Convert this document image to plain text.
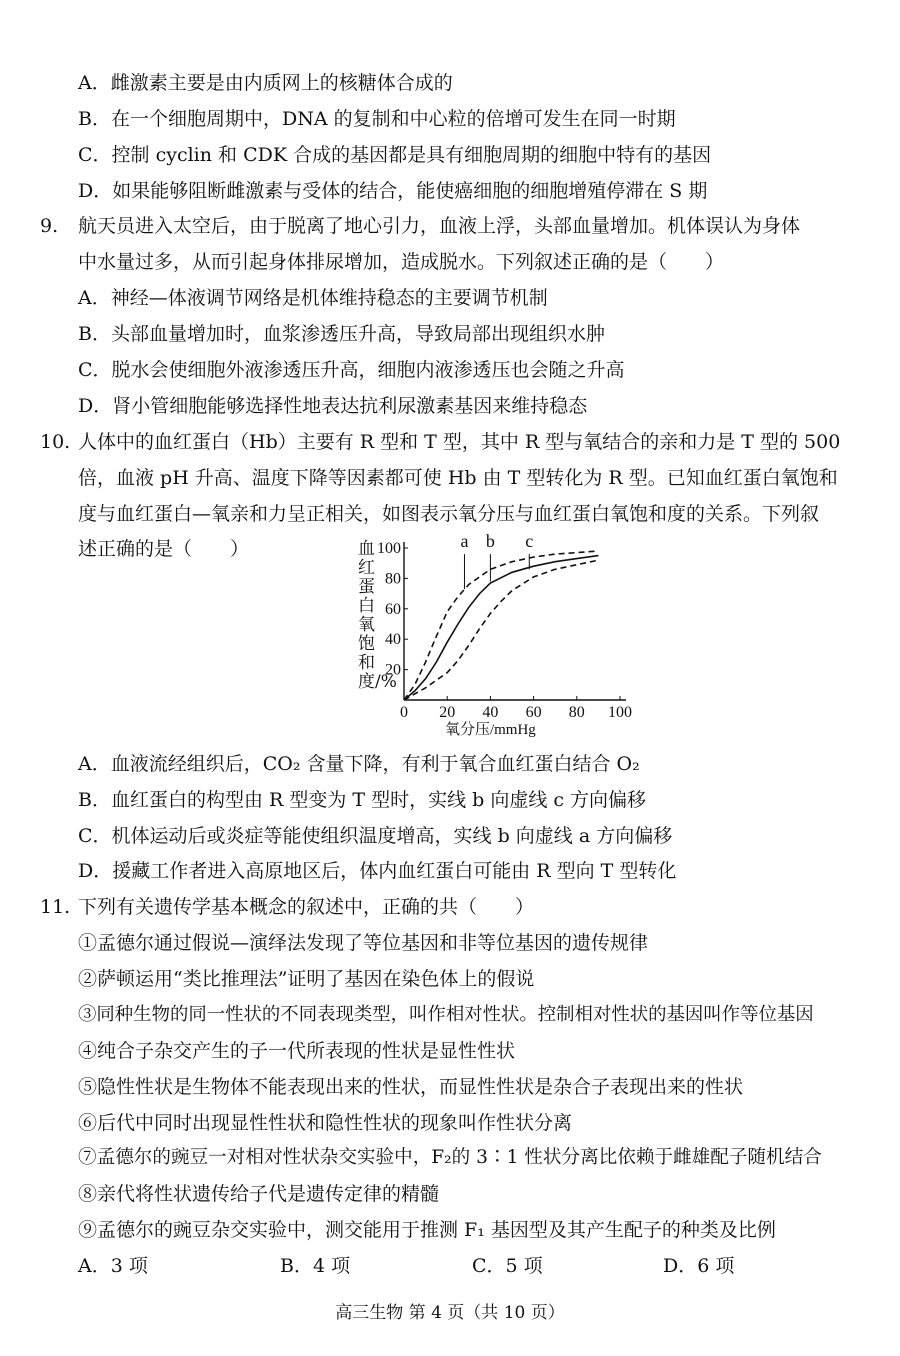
A．雌激素主要是由内质网上的核糖体合成的
B．在一个细胞周期中，DNA 的复制和中心粒的倍增可发生在同一时期
C．控制 cyclin 和 CDK 合成的基因都是具有细胞周期的细胞中特有的基因
D．如果能够阻断雌激素与受体的结合，能使癌细胞的细胞增殖停滞在 S 期
9. 航天员进入太空后，由于脱离了地心引力，血液上浮，头部血量增加。机体误认为身体
中水量过多，从而引起身体排尿增加，造成脱水。下列叙述正确的是（　　）
A．神经—体液调节网络是机体维持稳态的主要调节机制
B．头部血量增加时，血浆渗透压升高，导致局部出现组织水肿
C．脱水会使细胞外液渗透压升高，细胞内液渗透压也会随之升高
D．肾小管细胞能够选择性地表达抗利尿激素基因来维持稳态
10. 人体中的血红蛋白（Hb）主要有 R 型和 T 型，其中 R 型与氧结合的亲和力是 T 型的 500
倍，血液 pH 升高、温度下降等因素都可使 Hb 由 T 型转化为 R 型。已知血红蛋白氧饱和
度与血红蛋白—氧亲和力呈正相关，如图表示氧分压与血红蛋白氧饱和度的关系。下列叙
述正确的是（　　）	血红蛋白氧饱和度/%
0 20 40 60 80 100
20
40
60
80
100
氧分压/mmHg
a b c
A．血液流经组织后，CO₂ 含量下降，有利于氧合血红蛋白结合 O₂
B．血红蛋白的构型由 R 型变为 T 型时，实线 b 向虚线 c 方向偏移
C．机体运动后或炎症等能使组织温度增高，实线 b 向虚线 a 方向偏移
D．援藏工作者进入高原地区后，体内血红蛋白可能由 R 型向 T 型转化
11. 下列有关遗传学基本概念的叙述中，正确的共（　　）
①孟德尔通过假说—演绎法发现了等位基因和非等位基因的遗传规律
②萨顿运用“类比推理法”证明了基因在染色体上的假说
③同种生物的同一性状的不同表现类型，叫作相对性状。控制相对性状的基因叫作等位基因
④纯合子杂交产生的子一代所表现的性状是显性性状
⑤隐性性状是生物体不能表现出来的性状，而显性性状是杂合子表现出来的性状
⑥后代中同时出现显性性状和隐性性状的现象叫作性状分离
⑦孟德尔的豌豆一对相对性状杂交实验中，F₂的 3∶1 性状分离比依赖于雌雄配子随机结合
⑧亲代将性状遗传给子代是遗传定律的精髓
⑨孟德尔的豌豆杂交实验中，测交能用于推测 F₁ 基因型及其产生配子的种类及比例
A．3 项	B．4 项	C．5 项	D．6 项
高三生物 第 4 页（共 10 页）
